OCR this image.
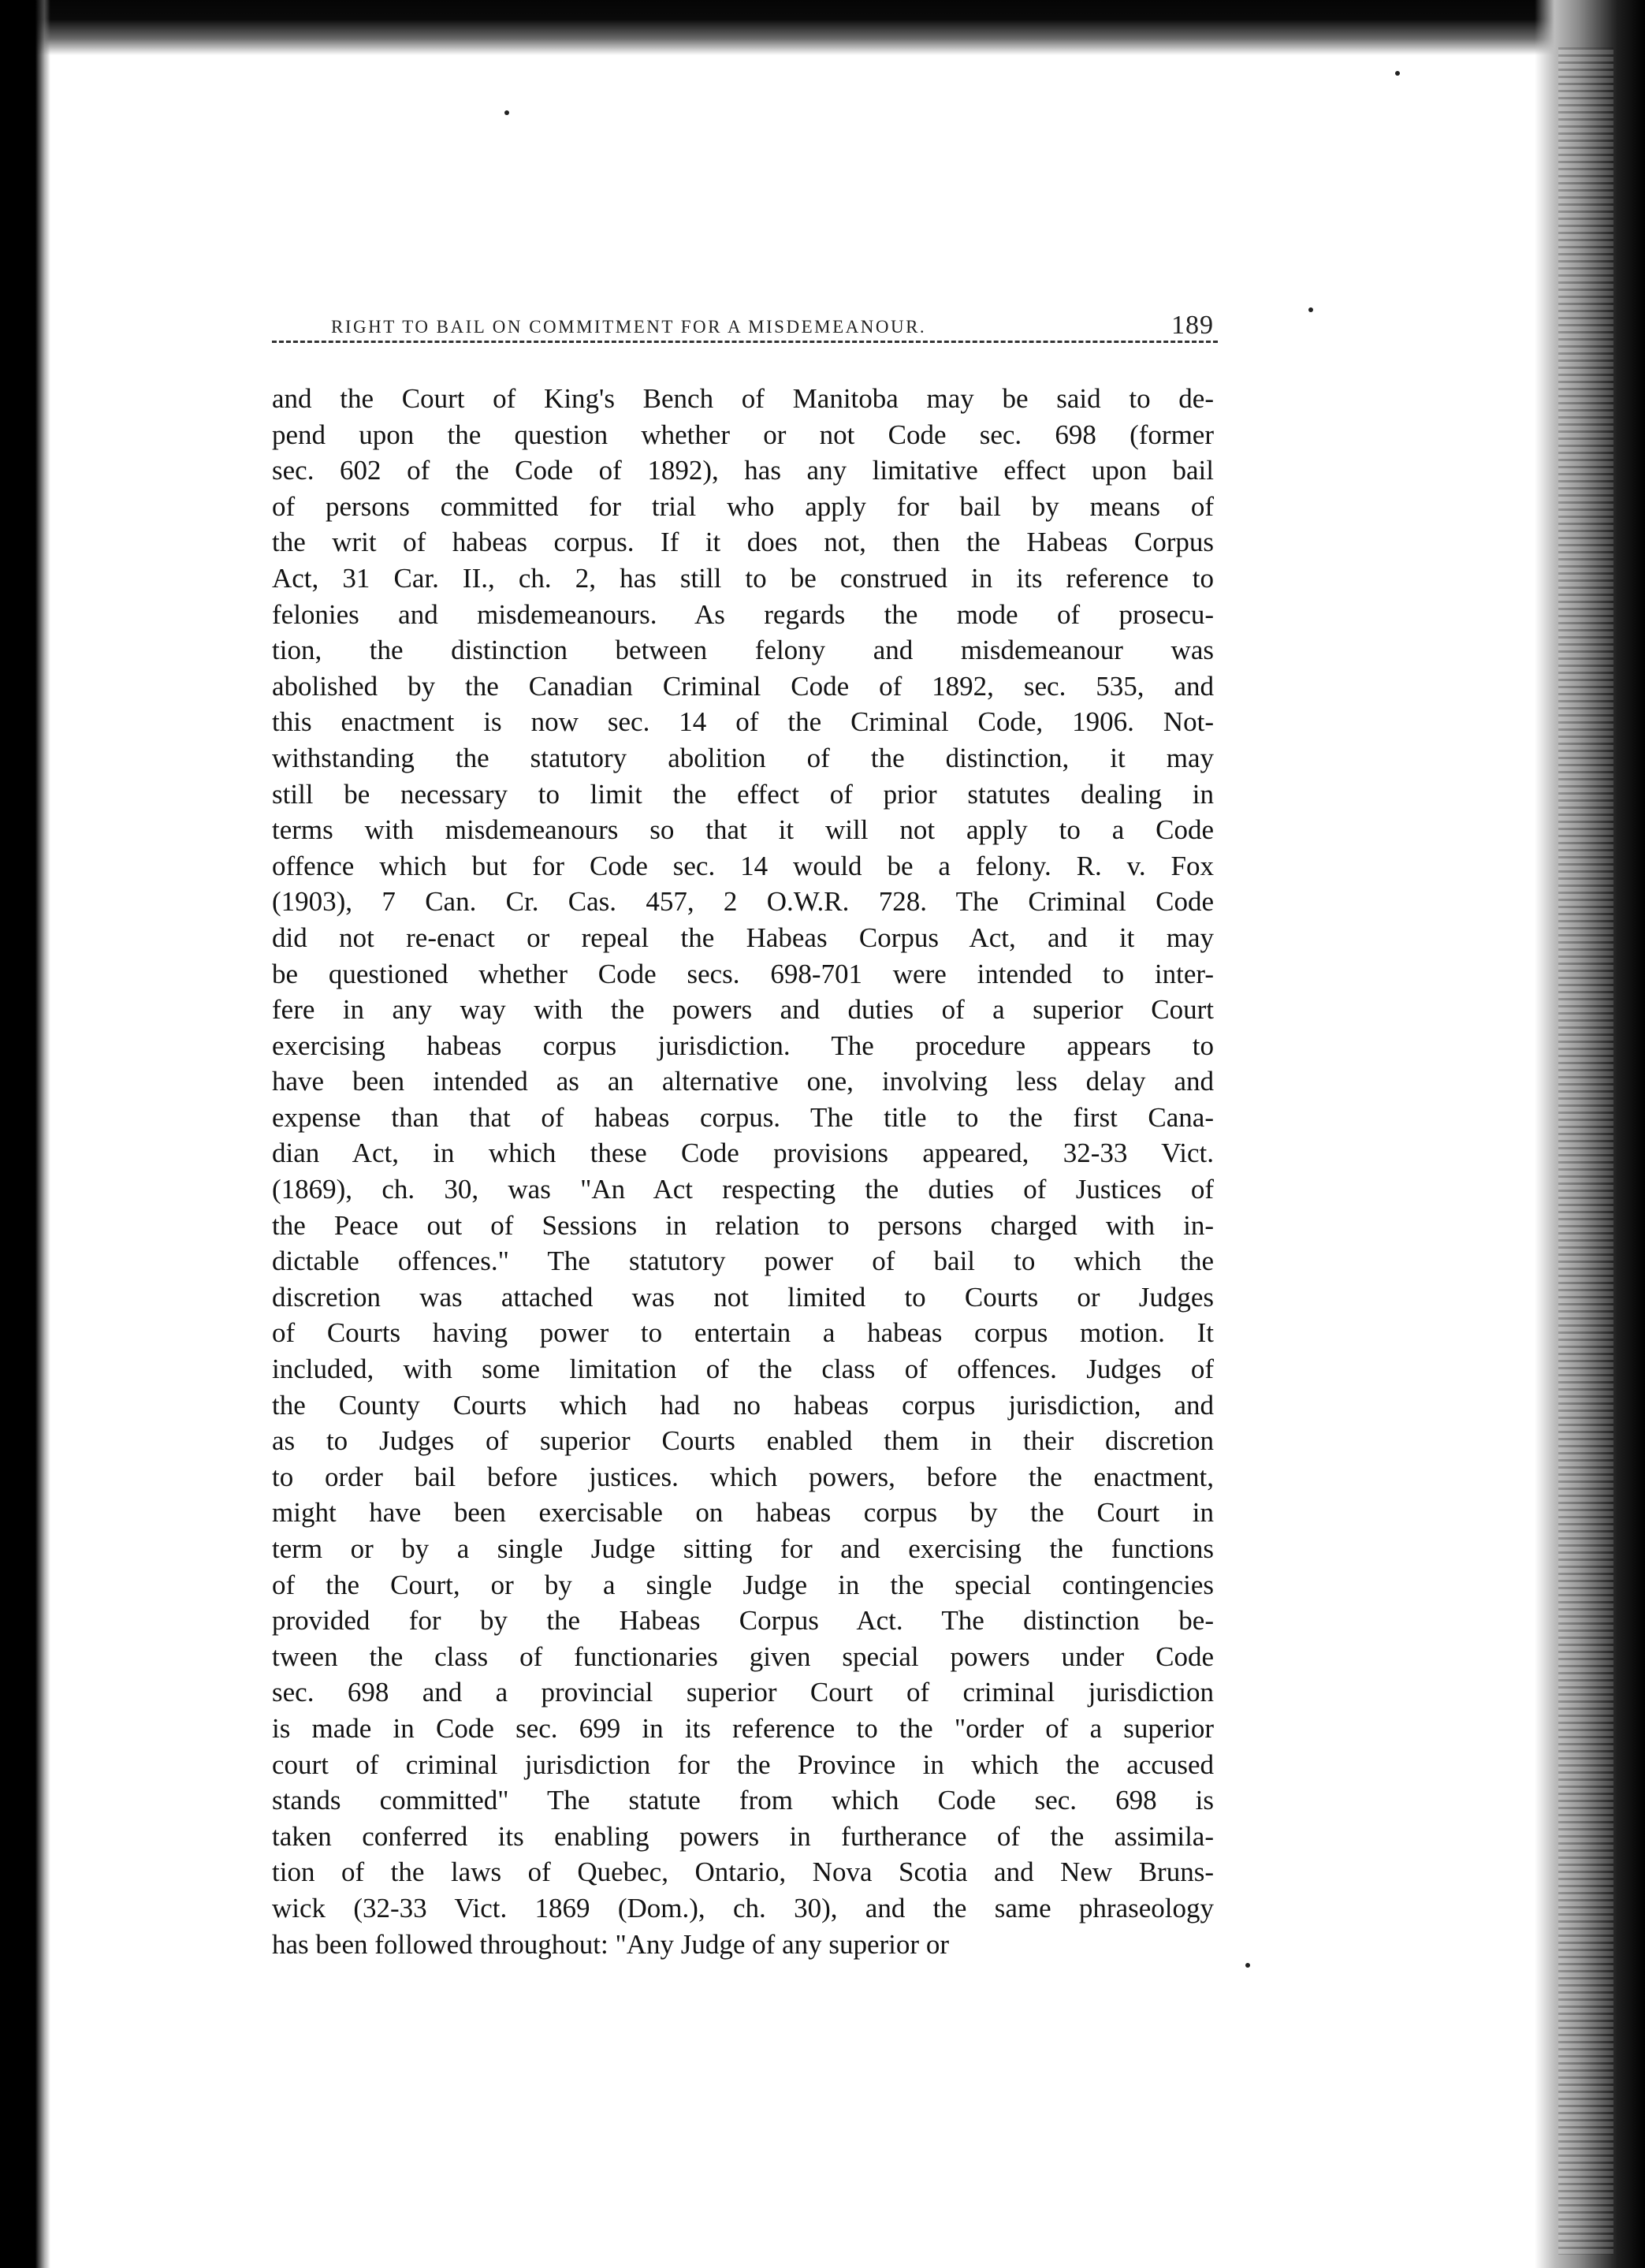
RIGHT TO BAIL ON COMMITMENT FOR A MISDEMEANOUR.	189
and the Court of King's Bench of Manitoba may be said to de-
pend upon the question whether or not Code sec. 698 (former
sec. 602 of the Code of 1892), has any limitative effect upon bail
of persons committed for trial who apply for bail by means of
the writ of habeas corpus. If it does not, then the Habeas Corpus
Act, 31 Car. II., ch. 2, has still to be construed in its reference to
felonies and misdemeanours. As regards the mode of prosecu-
tion, the distinction between felony and misdemeanour was
abolished by the Canadian Criminal Code of 1892, sec. 535, and
this enactment is now sec. 14 of the Criminal Code, 1906. Not-
withstanding the statutory abolition of the distinction, it may
still be necessary to limit the effect of prior statutes dealing in
terms with misdemeanours so that it will not apply to a Code
offence which but for Code sec. 14 would be a felony. R. v. Fox
(1903), 7 Can. Cr. Cas. 457, 2 O.W.R. 728. The Criminal Code
did not re-enact or repeal the Habeas Corpus Act, and it may
be questioned whether Code secs. 698-701 were intended to inter-
fere in any way with the powers and duties of a superior Court
exercising habeas corpus jurisdiction. The procedure appears to
have been intended as an alternative one, involving less delay and
expense than that of habeas corpus. The title to the first Cana-
dian Act, in which these Code provisions appeared, 32-33 Vict.
(1869), ch. 30, was "An Act respecting the duties of Justices of
the Peace out of Sessions in relation to persons charged with in-
dictable offences." The statutory power of bail to which the
discretion was attached was not limited to Courts or Judges
of Courts having power to entertain a habeas corpus motion. It
included, with some limitation of the class of offences. Judges of
the County Courts which had no habeas corpus jurisdiction, and
as to Judges of superior Courts enabled them in their discretion
to order bail before justices. which powers, before the enactment,
might have been exercisable on habeas corpus by the Court in
term or by a single Judge sitting for and exercising the functions
of the Court, or by a single Judge in the special contingencies
provided for by the Habeas Corpus Act. The distinction be-
tween the class of functionaries given special powers under Code
sec. 698 and a provincial superior Court of criminal jurisdiction
is made in Code sec. 699 in its reference to the "order of a superior
court of criminal jurisdiction for the Province in which the accused
stands committed" The statute from which Code sec. 698 is
taken conferred its enabling powers in furtherance of the assimila-
tion of the laws of Quebec, Ontario, Nova Scotia and New Bruns-
wick (32-33 Vict. 1869 (Dom.), ch. 30), and the same phraseology
has been followed throughout: "Any Judge of any superior or
